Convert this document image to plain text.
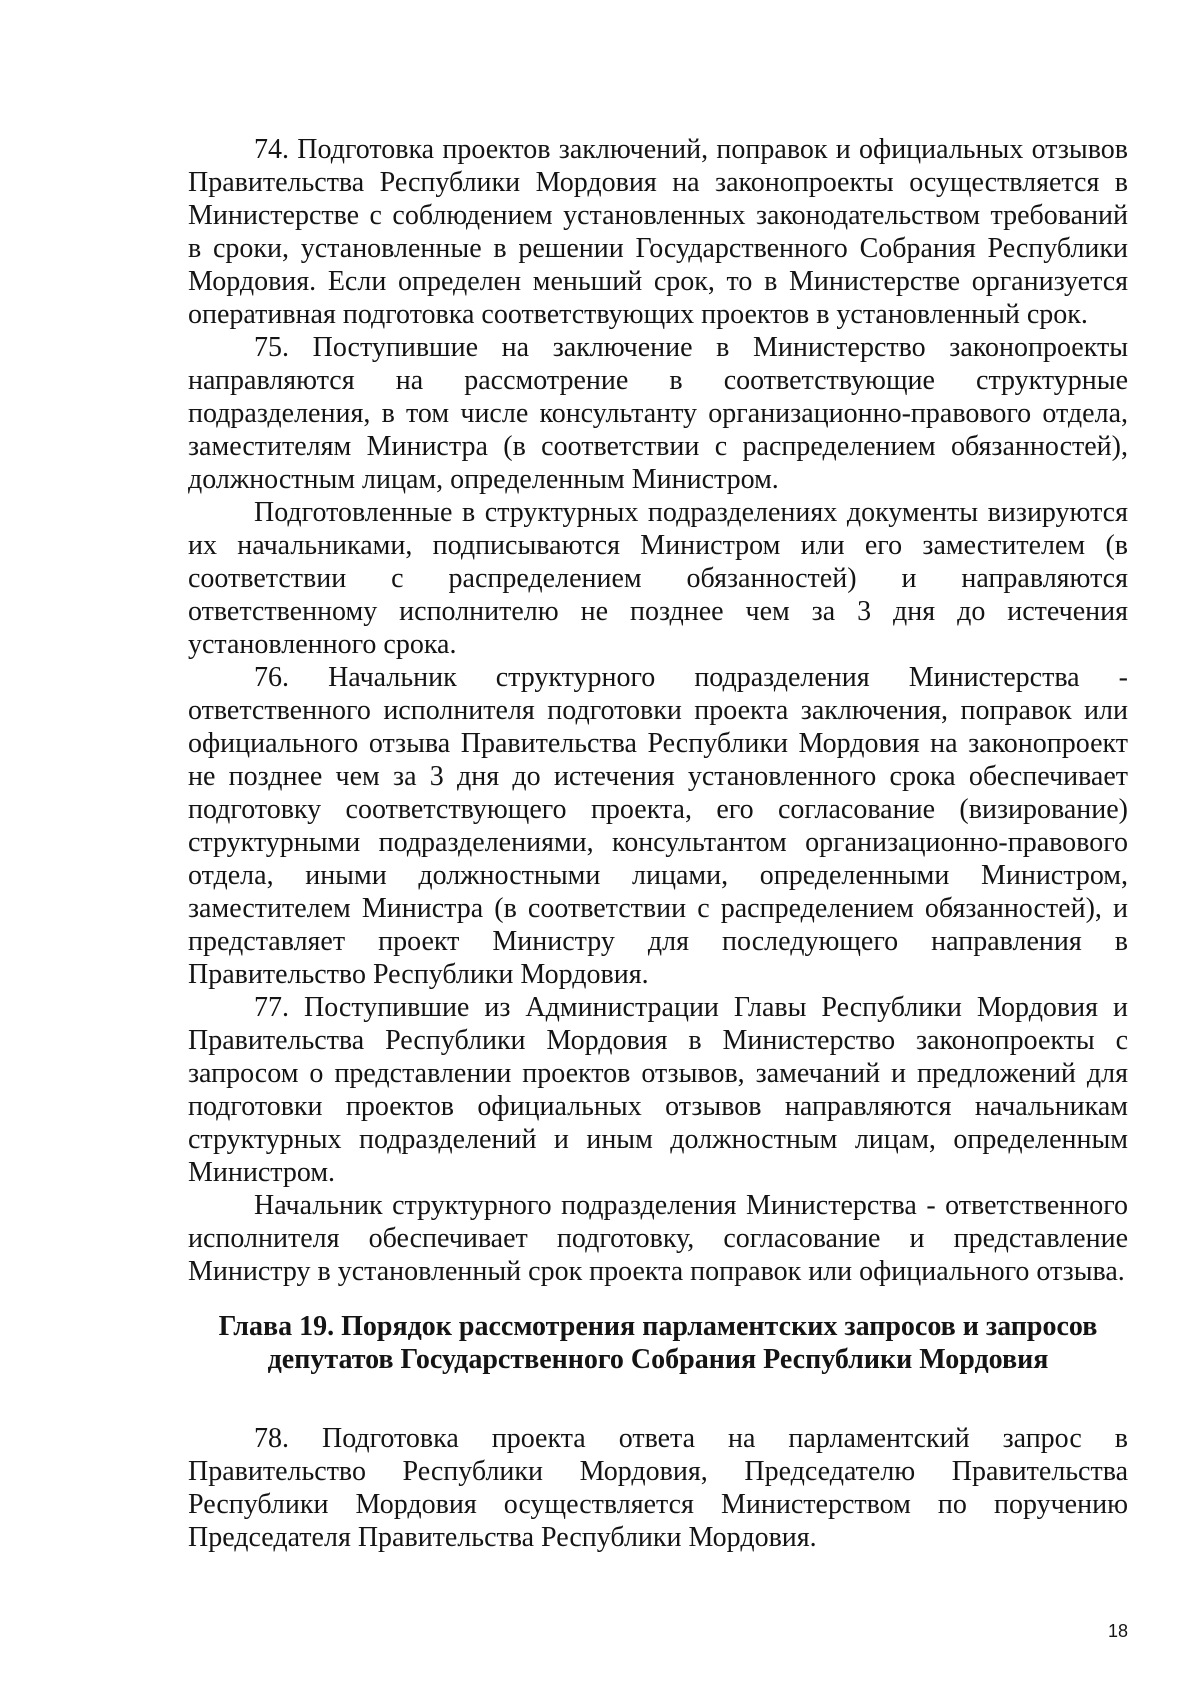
74. Подготовка проектов заключений, поправок и официальных отзывов Правительства Республики Мордовия на законопроекты осуществляется в Министерстве с соблюдением установленных законодательством требований в сроки, установленные в решении Государственного Собрания Республики Мордовия. Если определен меньший срок, то в Министерстве организуется оперативная подготовка соответствующих проектов в установленный срок.

75. Поступившие на заключение в Министерство законопроекты направляются на рассмотрение в соответствующие структурные подразделения, в том числе консультанту организационно-правового отдела, заместителям Министра (в соответствии с распределением обязанностей), должностным лицам, определенным Министром.

Подготовленные в структурных подразделениях документы визируются их начальниками, подписываются Министром или его заместителем (в соответствии с распределением обязанностей) и направляются ответственному исполнителю не позднее чем за 3 дня до истечения установленного срока.

76. Начальник структурного подразделения Министерства - ответственного исполнителя подготовки проекта заключения, поправок или официального отзыва Правительства Республики Мордовия на законопроект не позднее чем за 3 дня до истечения установленного срока обеспечивает подготовку соответствующего проекта, его согласование (визирование) структурными подразделениями, консультантом организационно-правового отдела, иными должностными лицами, определенными Министром, заместителем Министра (в соответствии с распределением обязанностей), и представляет проект Министру для последующего направления в Правительство Республики Мордовия.

77. Поступившие из Администрации Главы Республики Мордовия и Правительства Республики Мордовия в Министерство законопроекты с запросом о представлении проектов отзывов, замечаний и предложений для подготовки проектов официальных отзывов направляются начальникам структурных подразделений и иным должностным лицам, определенным Министром.

Начальник структурного подразделения Министерства - ответственного исполнителя обеспечивает подготовку, согласование и представление Министру в установленный срок проекта поправок или официального отзыва.

Глава 19. Порядок рассмотрения парламентских запросов и запросов
депутатов Государственного Собрания Республики Мордовия

78. Подготовка проекта ответа на парламентский запрос в Правительство Республики Мордовия, Председателю Правительства Республики Мордовия осуществляется Министерством по поручению Председателя Правительства Республики Мордовия.

18
